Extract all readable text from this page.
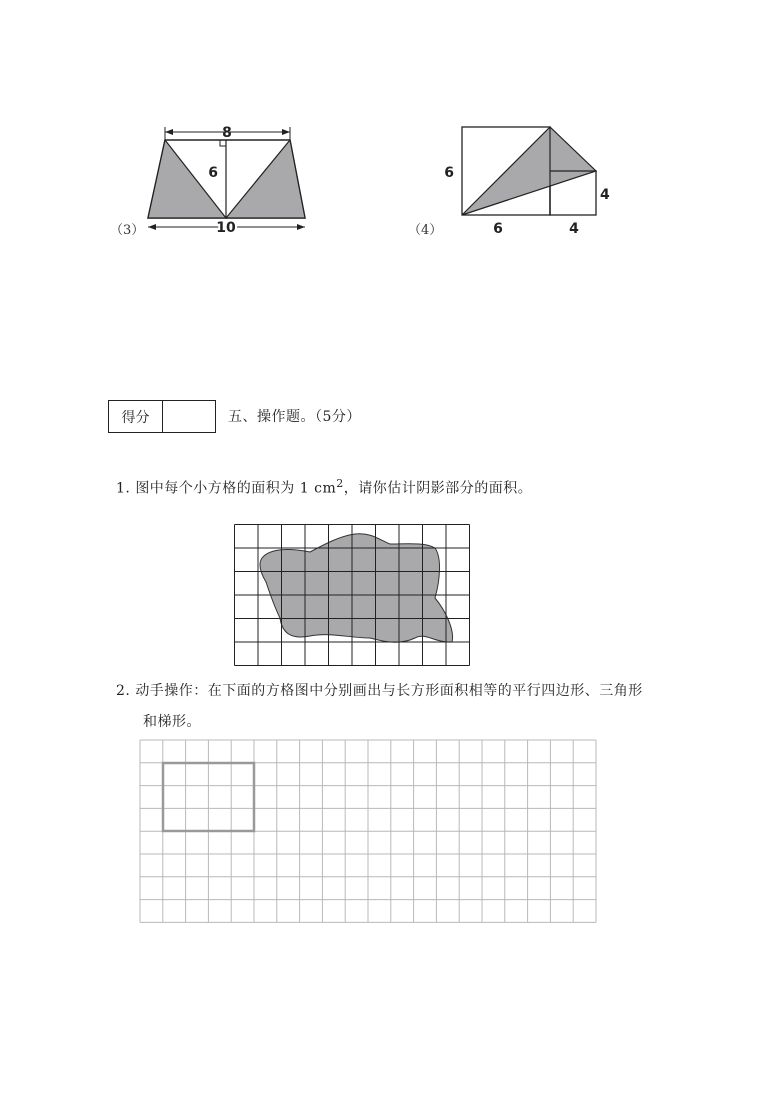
8
6
10
（3）
6
4
6	4
（4）
得分	五、操作题。（5分）
1. 图中每个小方格的面积为 1 $cm^2$，请你估计阴影部分的面积。
2. 动手操作：在下面的方格图中分别画出与长方形面积相等的平行四边形、三角形
和梯形。
